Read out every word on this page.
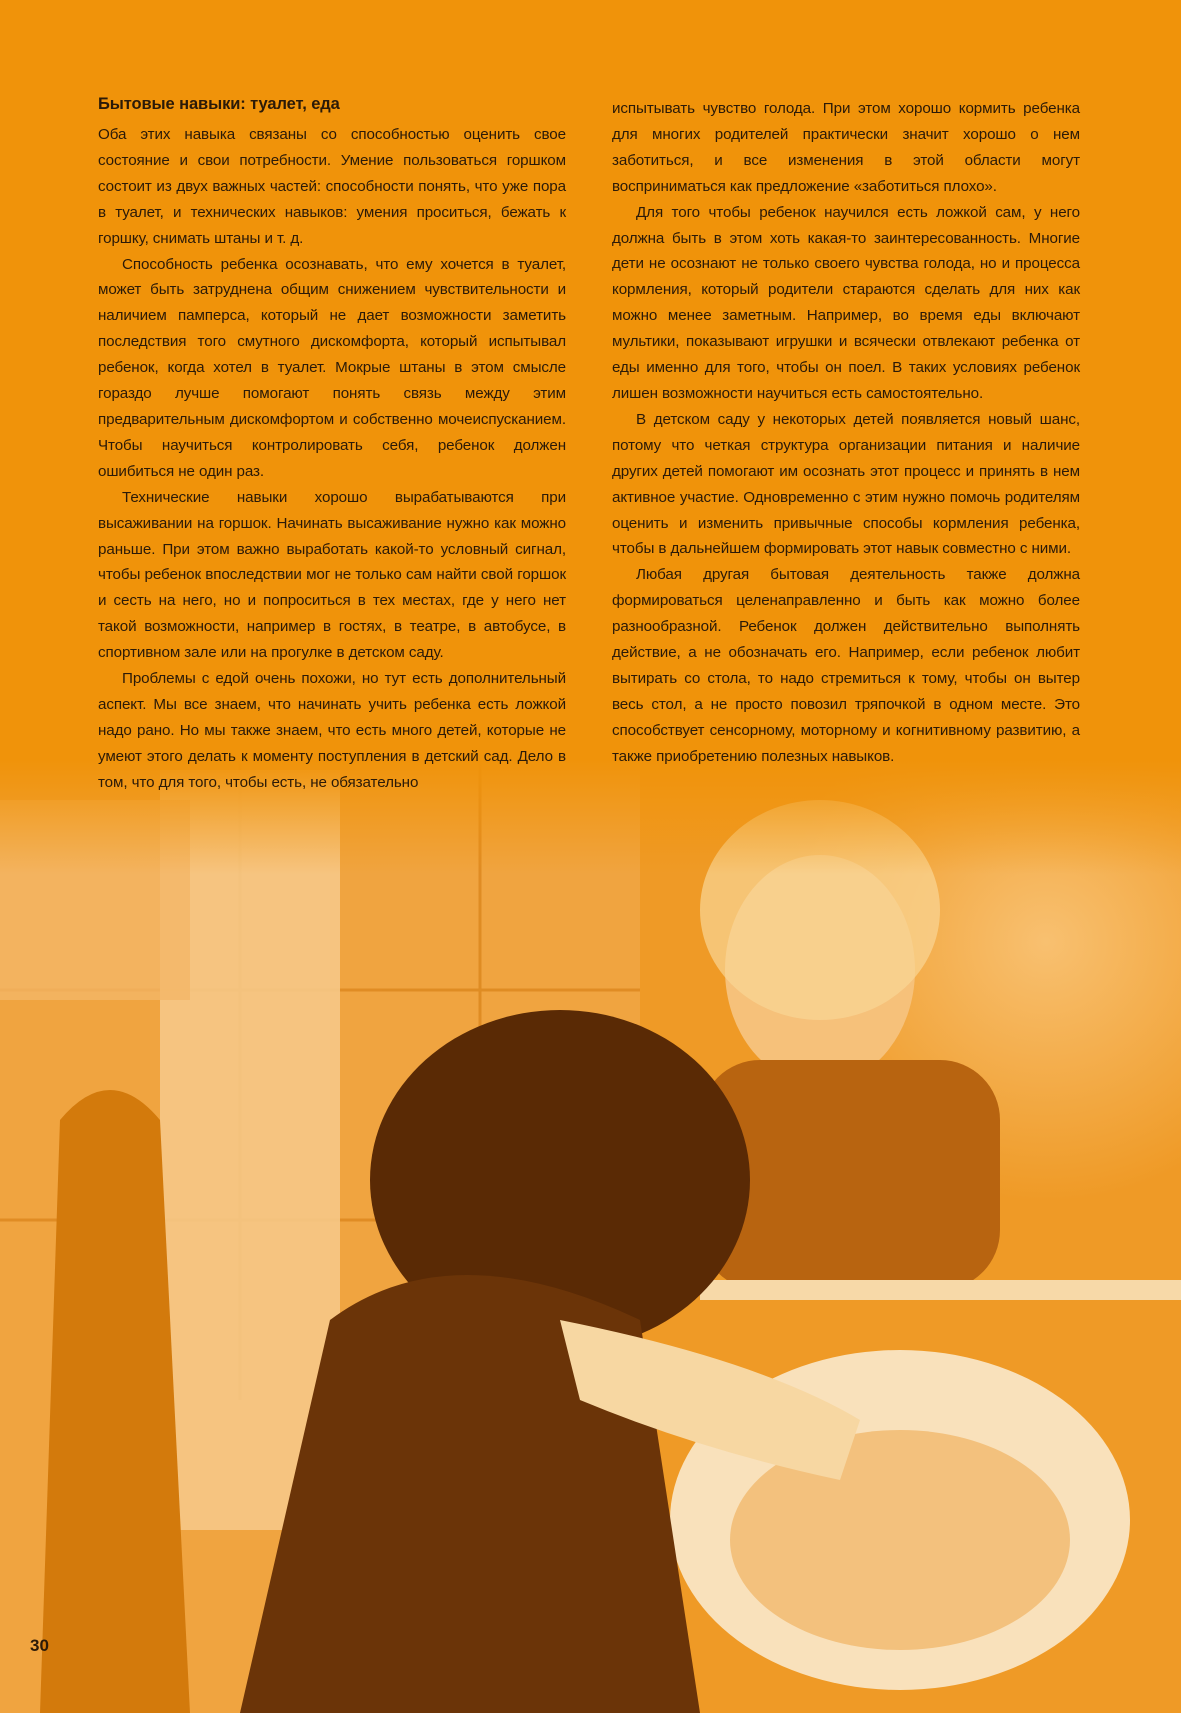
Бытовые навыки: туалет, еда

Оба этих навыка связаны со способностью оценить свое состояние и свои потребности. Умение пользоваться горшком состоит из двух важных частей: способности понять, что уже пора в туалет, и технических навыков: умения проситься, бежать к горшку, снимать штаны и т. д.

Способность ребенка осознавать, что ему хочется в туалет, может быть затруднена общим снижением чувствительности и наличием памперса, который не дает возможности заметить последствия того смутного дискомфорта, который испытывал ребенок, когда хотел в туалет. Мокрые штаны в этом смысле гораздо лучше помогают понять связь между этим предварительным дискомфортом и собственно мочеиспусканием. Чтобы научиться контролировать себя, ребенок должен ошибиться не один раз.

Технические навыки хорошо вырабатываются при высаживании на горшок. Начинать высаживание нужно как можно раньше. При этом важно выработать какой-то условный сигнал, чтобы ребенок впоследствии мог не только сам найти свой горшок и сесть на него, но и попроситься в тех местах, где у него нет такой возможности, например в гостях, в театре, в автобусе, в спортивном зале или на прогулке в детском саду.

Проблемы с едой очень похожи, но тут есть дополнительный аспект. Мы все знаем, что начинать учить ребенка есть ложкой надо рано. Но мы также знаем, что есть много детей, которые не умеют этого делать к моменту поступления в детский сад. Дело в том, что для того, чтобы есть, не обязательно

испытывать чувство голода. При этом хорошо кормить ребенка для многих родителей практически значит хорошо о нем заботиться, и все изменения в этой области могут восприниматься как предложение «заботиться плохо».

Для того чтобы ребенок научился есть ложкой сам, у него должна быть в этом хоть какая-то заинтересованность. Многие дети не осознают не только своего чувства голода, но и процесса кормления, который родители стараются сделать для них как можно менее заметным. Например, во время еды включают мультики, показывают игрушки и всячески отвлекают ребенка от еды именно для того, чтобы он поел. В таких условиях ребенок лишен возможности научиться есть самостоятельно.

В детском саду у некоторых детей появляется новый шанс, потому что четкая структура организации питания и наличие других детей помогают им осознать этот процесс и принять в нем активное участие. Одновременно с этим нужно помочь родителям оценить и изменить привычные способы кормления ребенка, чтобы в дальнейшем формировать этот навык совместно с ними.

Любая другая бытовая деятельность также должна формироваться целенаправленно и быть как можно более разнообразной. Ребенок должен действительно выполнять действие, а не обозначать его. Например, если ребенок любит вытирать со стола, то надо стремиться к тому, чтобы он вытер весь стол, а не просто повозил тряпочкой в одном месте. Это способствует сенсорному, моторному и когнитивному развитию, а также приобретению полезных навыков.

30
